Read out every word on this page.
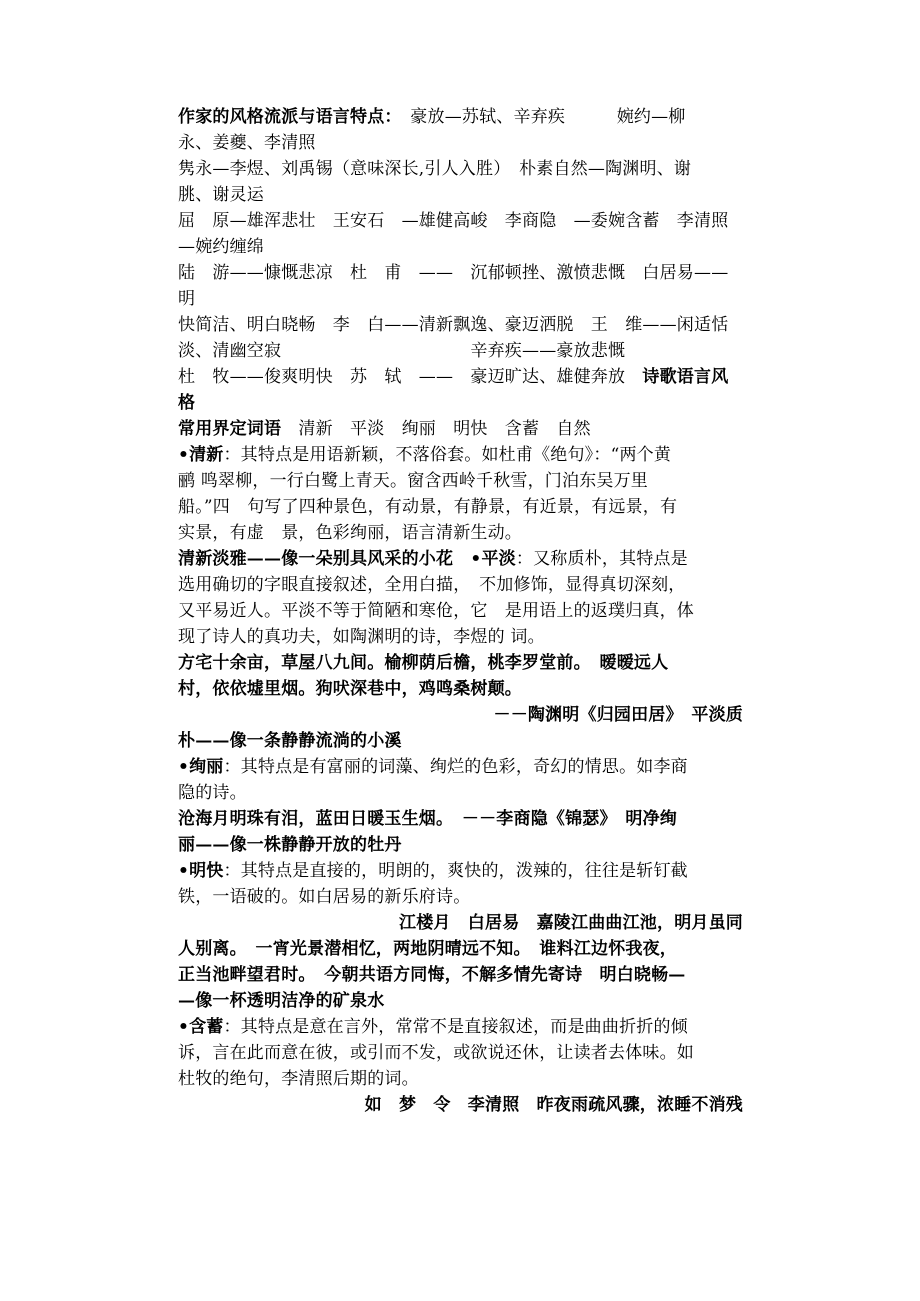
作家的风格流派与语言特点：　豪放—苏轼、辛弃疾　　　婉约—柳

永、姜夔、李清照

隽永—李煜、刘禹锡（意味深长,引人入胜）　朴素自然—陶渊明、谢

朓、谢灵运

屈　原—雄浑悲壮　王安石　—雄健高峻　李商隐　—委婉含蓄　李清照

—婉约缠绵

陆　游——慷慨悲凉　杜　甫　——　沉郁顿挫、激愤悲慨　白居易——明

快简洁、明白晓畅　李　白——清新飘逸、豪迈洒脱　王　维——闲适恬

淡、清幽空寂　　　　　　　　　　　辛弃疾——豪放悲慨

杜　牧——俊爽明快　苏　轼　——　豪迈旷达、雄健奔放　诗歌语言风格

常用界定词语　清新　平淡　绚丽　明快　含蓄　自然

•清新：其特点是用语新颖，不落俗套。如杜甫《绝句》：“两个黄

鹂 鸣翠柳，一行白鹭上青天。窗含西岭千秋雪，门泊东吴万里

船。”四　句写了四种景色，有动景，有静景，有近景，有远景，有

实景，有虚　景，色彩绚丽，语言清新生动。

清新淡雅——像一朵别具风采的小花　•平淡：又称质朴，其特点是

选用确切的字眼直接叙述，全用白描，　不加修饰，显得真切深刻，

又平易近人。平淡不等于简陋和寒伧，它　是用语上的返璞归真，体

现了诗人的真功夫，如陶渊明的诗，李煜的 词。

方宅十余亩，草屋八九间。榆柳荫后檐，桃李罗堂前。　暧暧远人

村，依依墟里烟。狗吠深巷中，鸡鸣桑树颠。

－－陶渊明《归园田居》　平淡质

朴——像一条静静流淌的小溪

•绚丽：其特点是有富丽的词藻、绚烂的色彩，奇幻的情思。如李商

隐的诗。

沧海月明珠有泪，蓝田日暖玉生烟。　－－李商隐《锦瑟》　明净绚

丽——像一株静静开放的牡丹

•明快：其特点是直接的，明朗的，爽快的，泼辣的，往往是斩钉截

铁，一语破的。如白居易的新乐府诗。

江楼月　白居易　嘉陵江曲曲江池，明月虽同

人别离。　一宵光景潜相忆，两地阴晴远不知。　谁料江边怀我夜，

正当池畔望君时。　今朝共语方同悔，不解多情先寄诗　明白晓畅—

—像一杯透明洁净的矿泉水

•含蓄：其特点是意在言外，常常不是直接叙述，而是曲曲折折的倾

诉，言在此而意在彼，或引而不发，或欲说还休，让读者去体味。如

杜牧的绝句，李清照后期的词。

如　梦　令　李清照　昨夜雨疏风骤，浓睡不消残
